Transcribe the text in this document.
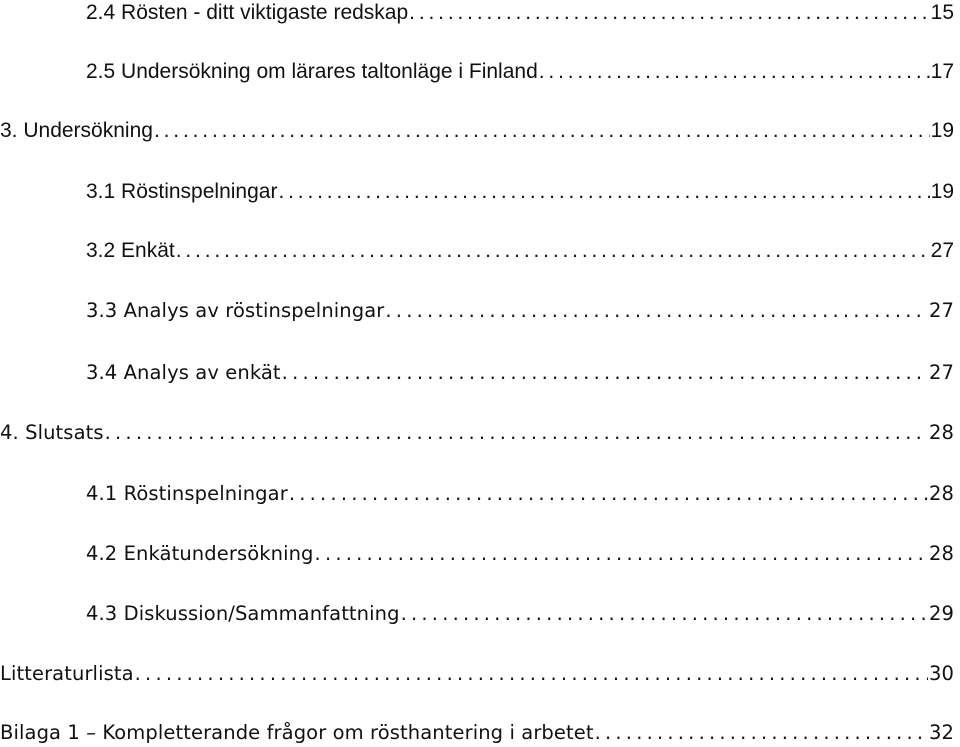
2.4 Rösten - ditt viktigaste redskap . . .	15
2.5 Undersökning om lärares taltonläge i Finland . . .	17
3. Undersökning . . .	19
3.1 Röstinspelningar . . .	19
3.2 Enkät . . .	27
3.3 Analys av röstinspelningar . . .	27
3.4 Analys av enkät . . .	27
4. Slutsats . . .	28
4.1 Röstinspelningar . . .	28
4.2 Enkätundersökning . . .	28
4.3 Diskussion/Sammanfattning . . .	29
Litteraturlista . . .	30
Bilaga 1 – Kompletterande frågor om rösthantering i arbetet . . .	32
